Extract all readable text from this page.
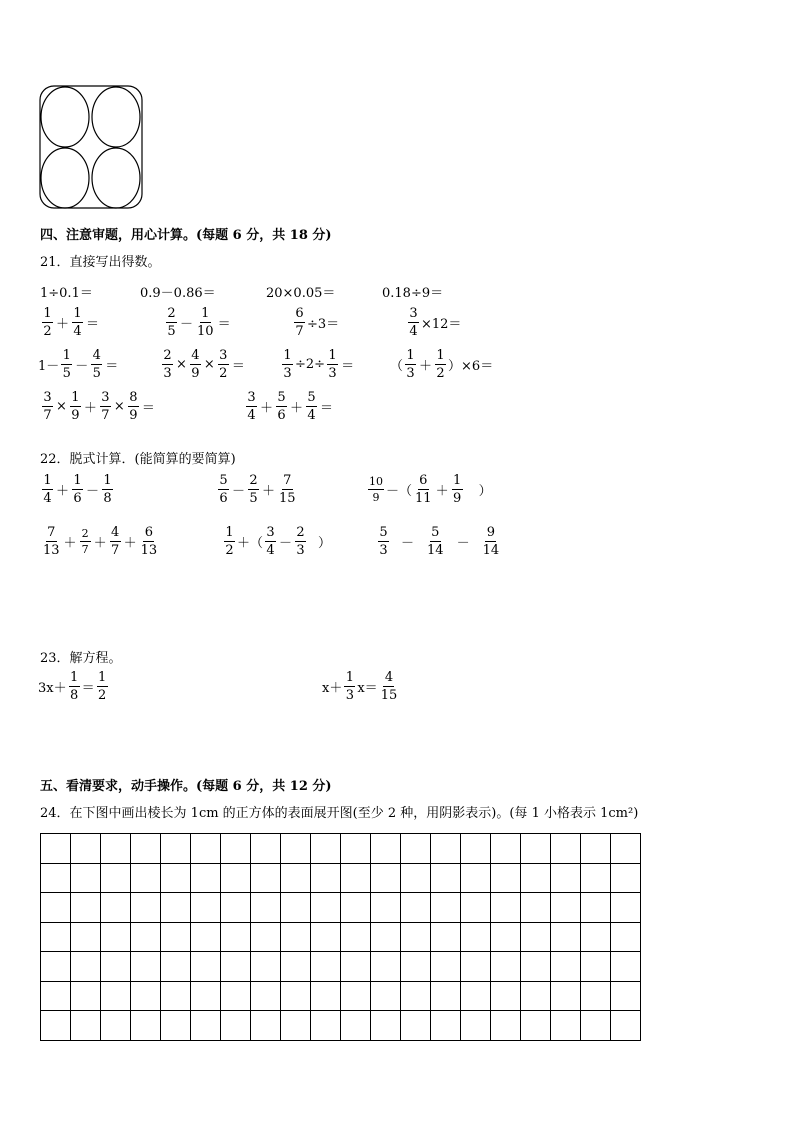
四、注意审题，用心计算。(每题 6 分，共 18 分)
21．直接写出得数。
1÷0.1＝	0.9－0.86＝	20×0.05＝	0.18÷9＝
$\frac{1}{2} + \frac{1}{4}$ ＝	$\frac{2}{5} - \frac{1}{10}$ ＝	$\frac{6}{7} \div 3=$	$\frac{3}{4} \times 12=$
$1- \frac{1}{5} - \frac{4}{5}$ ＝	$\frac{2}{3} \times \frac{4}{9} \times \frac{3}{2}$ ＝	$\frac{1}{3} \div 2\div \frac{1}{3}$ ＝	（ $\frac{1}{3} + \frac{1}{2} )\times 6=$
$\frac{3}{7} \times \frac{1}{9} + \frac{3}{7} \times \frac{8}{9}$ ＝	$\frac{3}{4} + \frac{5}{6} + \frac{5}{4}$ ＝
22．脱式计算．(能简算的要简算)
$\frac{1}{4} + \frac{1}{6} - \frac{1}{8}$	$\frac{5}{6} - \frac{2}{5} + \frac{7}{15}$	$\frac{10}{9}$ －（ $\frac{6}{11} + \frac{1}{9}$ ）
$\frac{7}{13} + \frac{2}{7} + \frac{4}{7} + \frac{6}{13}$	$\frac{1}{2}$ ＋（ $\frac{3}{4} - \frac{2}{3}$ ）	$\frac{5}{3} - \frac{5}{14} - \frac{9}{14}$
23．解方程。
$3x+ \frac{1}{8} = \frac{1}{2}$	$x+ \frac{1}{3} x= \frac{4}{15}$
五、看清要求，动手操作。(每题 6 分，共 12 分)
24．在下图中画出棱长为 1cm 的正方体的表面展开图(至少 2 种，用阴影表示)。(每 1 小格表示 1cm²)
